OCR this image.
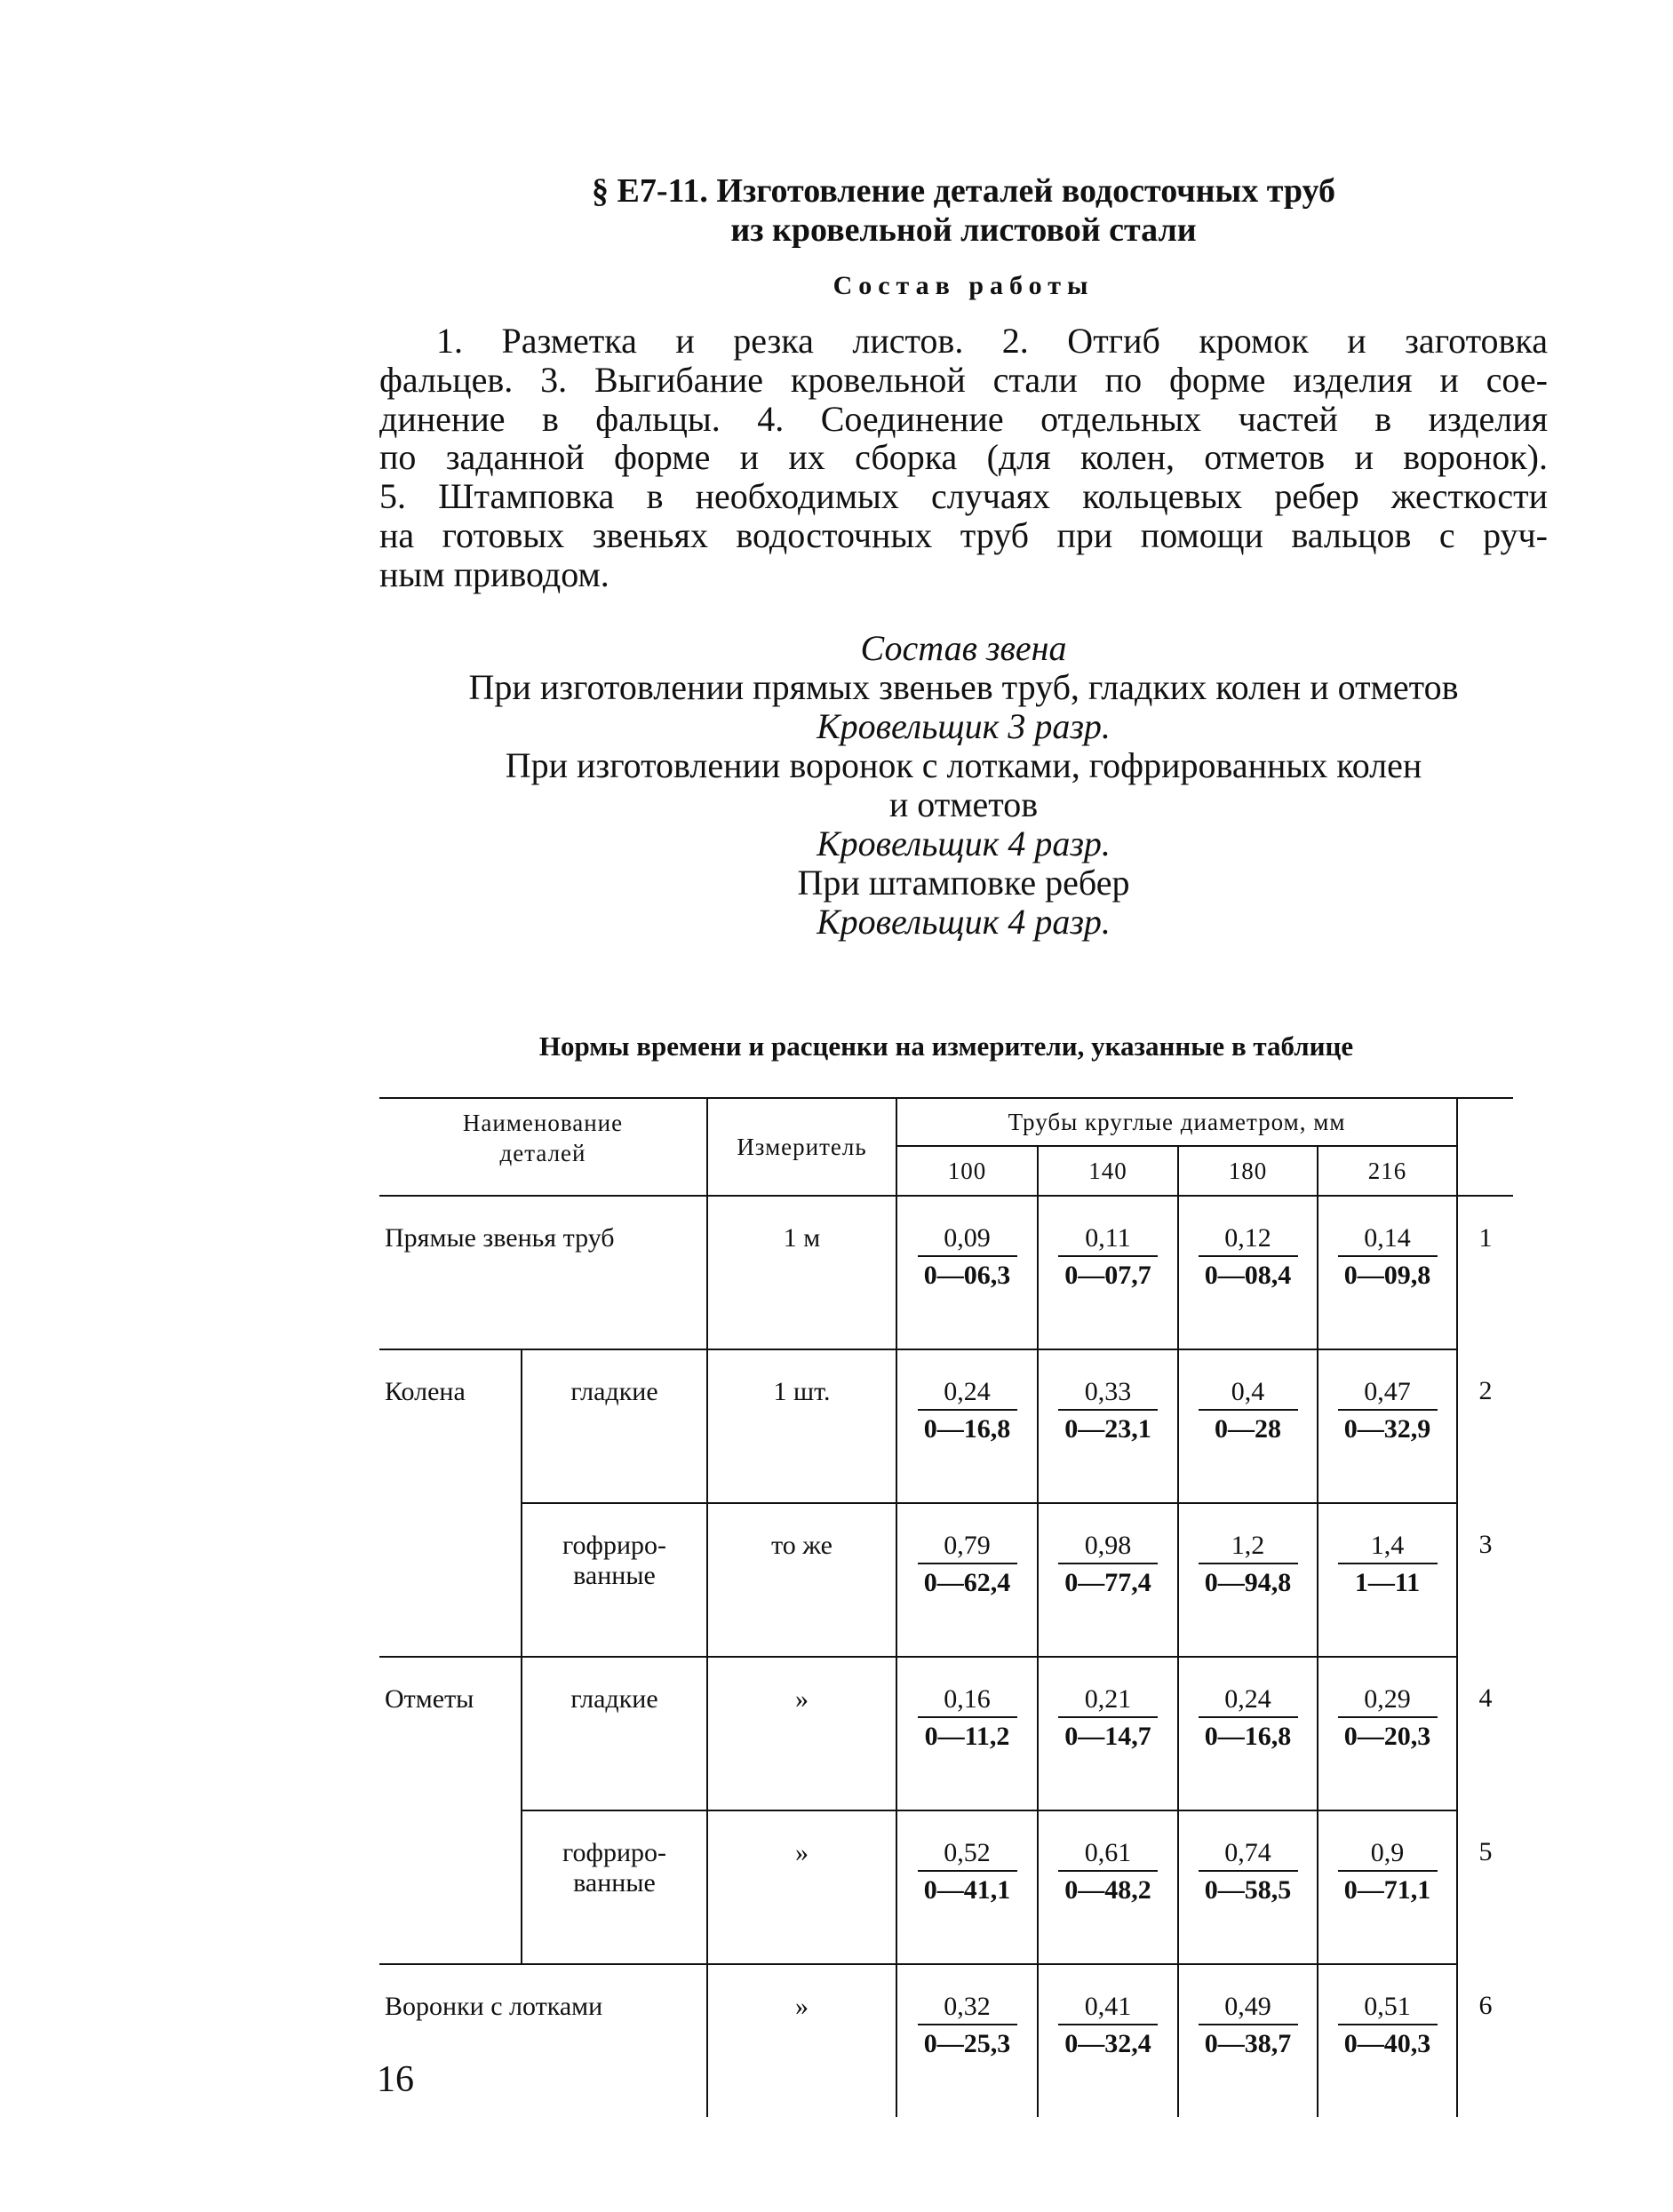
§ Е7-11. Изготовление деталей водосточных труб
из кровельной листовой стали
Состав работы
1. Разметка и резка листов. 2. Отгиб кромок и заготовка
фальцев. 3. Выгибание кровельной стали по форме изделия и сое-
динение в фальцы. 4. Соединение отдельных частей в изделия
по заданной форме и их сборка (для колен, отметов и воронок).
5. Штамповка в необходимых случаях кольцевых ребер жесткости
на готовых звеньях водосточных труб при помощи вальцов с руч-
ным приводом.
Состав звена
При изготовлении прямых звеньев труб, гладких колен и отметов
Кровельщик 3 разр.
При изготовлении воронок с лотками, гофрированных колен
и отметов
Кровельщик 4 разр.
При штамповке ребер
Кровельщик 4 разр.
Нормы времени и расценки на измерители, указанные в таблице
Наименование
деталей		Измеритель	Трубы круглые диаметром, мм				
			100	140	180	216	
Прямые звенья труб		1 м	$\frac{0,09}{0—06,3}$	$\frac{0,11}{0—07,7}$	$\frac{0,12}{0—08,4}$	$\frac{0,14}{0—09,8}$	1
Колена	гладкие	1 шт.	$\frac{0,24}{0—16,8}$	$\frac{0,33}{0—23,1}$	$\frac{0,4}{0—28}$	$\frac{0,47}{0—32,9}$	2
	гофриро-
ванные	то же	$\frac{0,79}{0—62,4}$	$\frac{0,98}{0—77,4}$	$\frac{1,2}{0—94,8}$	$\frac{1,4}{1—11}$	3
Отметы	гладкие	»	$\frac{0,16}{0—11,2}$	$\frac{0,21}{0—14,7}$	$\frac{0,24}{0—16,8}$	$\frac{0,29}{0—20,3}$	4
	гофриро-
ванные	»	$\frac{0,52}{0—41,1}$	$\frac{0,61}{0—48,2}$	$\frac{0,74}{0—58,5}$	$\frac{0,9}{0—71,1}$	5
Воронки с лотками		»	$\frac{0,32}{0—25,3}$	$\frac{0,41}{0—32,4}$	$\frac{0,49}{0—38,7}$	$\frac{0,51}{0—40,3}$	6
16
